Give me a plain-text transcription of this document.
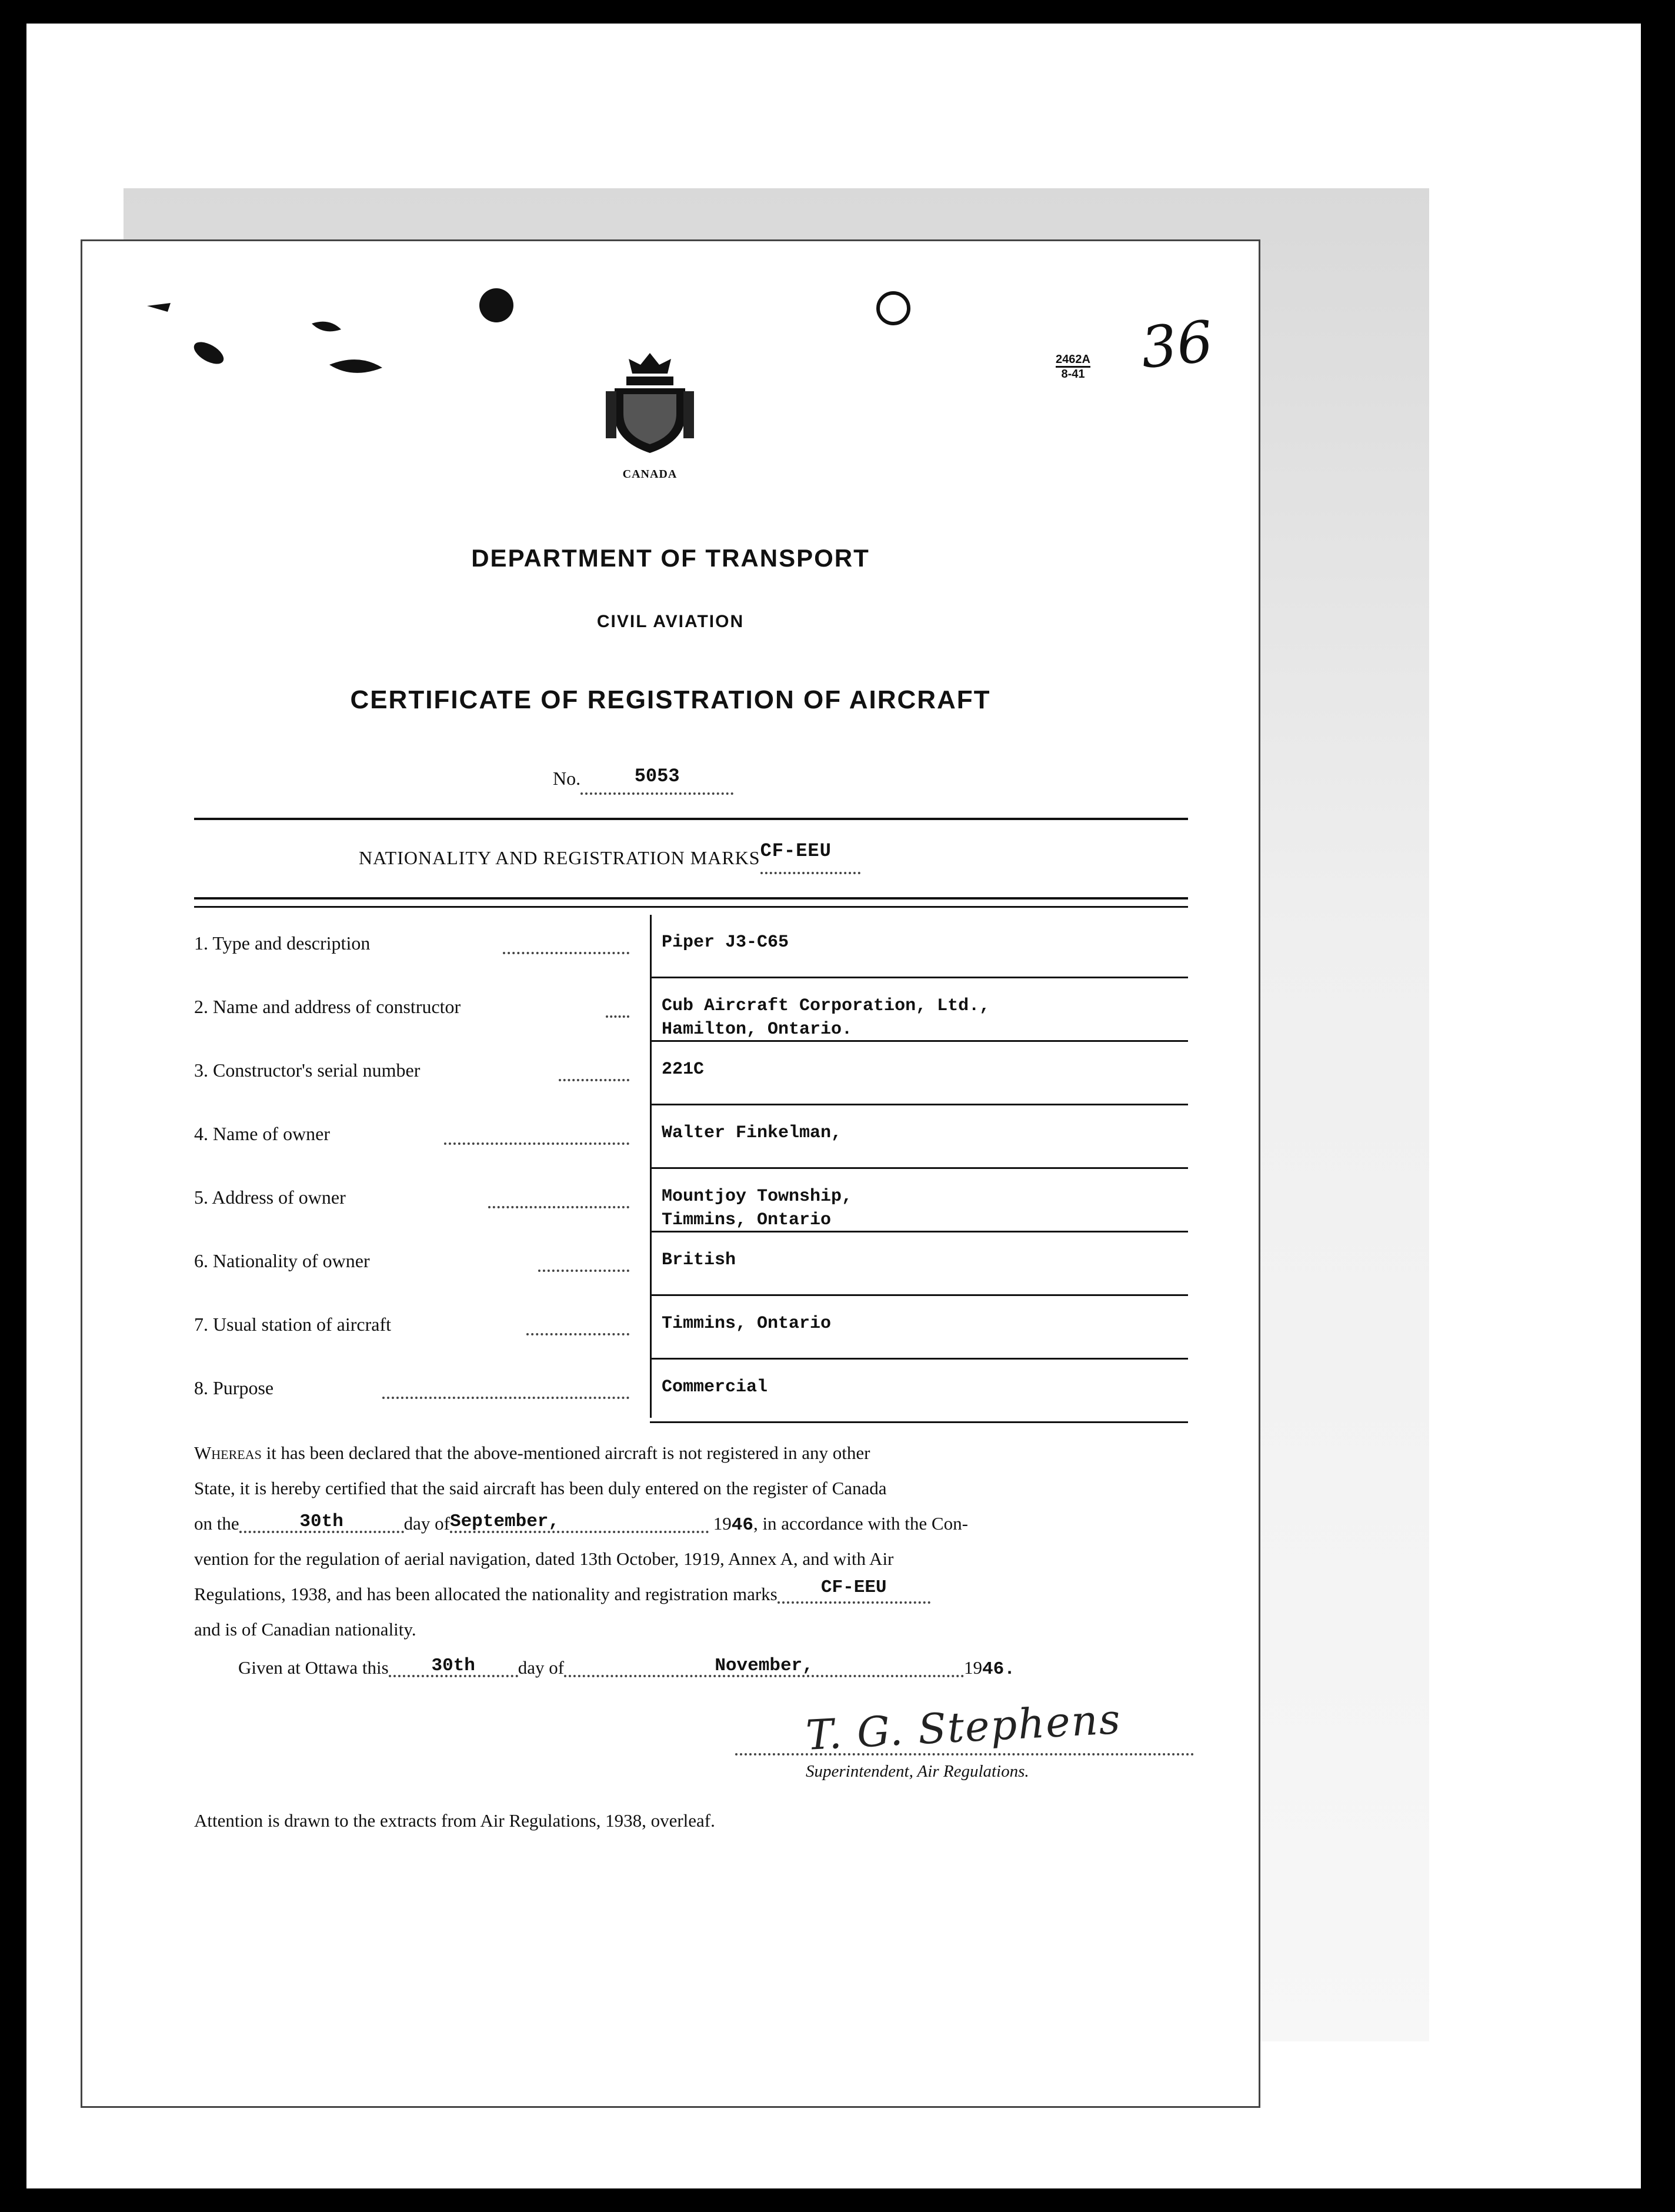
2462A
8-41 36
CANADA
DEPARTMENT OF TRANSPORT
CIVIL AVIATION
CERTIFICATE OF REGISTRATION OF AIRCRAFT
No.	5053
NATIONALITY AND REGISTRATION MARKSCF-EEU
1. Type and description	Piper J3-C65
2. Name and address of constructor	Cub Aircraft Corporation, Ltd.,
Hamilton, Ontario.
3. Constructor's serial number	221C
4. Name of owner	Walter Finkelman,
5. Address of owner	Mountjoy Township,
Timmins, Ontario
6. Nationality of owner	British
7. Usual station of aircraft	Timmins, Ontario
8. Purpose	Commercial
Whereas it has been declared that the above-mentioned aircraft is not registered in any other
State, it is hereby certified that the said aircraft has been duly entered on the register of Canada
on the	30th	day ofSeptember,	1946, in accordance with the Con-
vention for the regulation of aerial navigation, dated 13th October, 1919, Annex A, and with Air
Regulations, 1938, and has been allocated the nationality and registration marks CF-EEU
and is of Canadian nationality.
Given at Ottawa this 30th day of	November,	1946.
T. G. Stephens
Superintendent, Air Regulations.
Attention is drawn to the extracts from Air Regulations, 1938, overleaf.
